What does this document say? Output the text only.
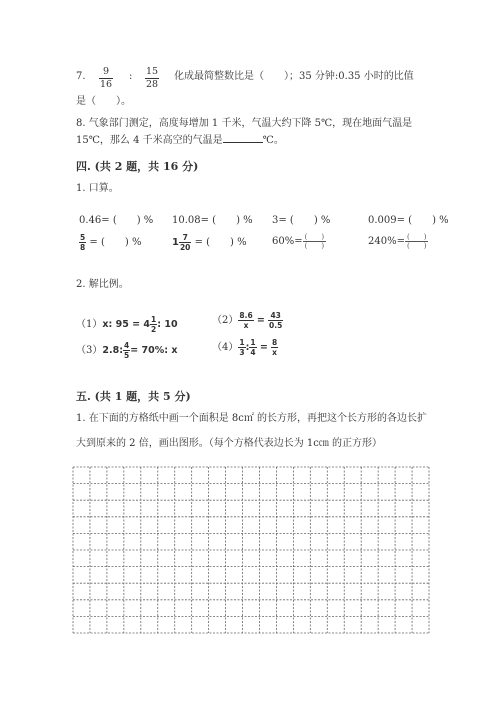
7. $\frac{9}{16}$ : $\frac{15}{28}$ 化成最简整数比是（　　）；35 分钟:0.35 小时的比值
是（　　）。
8. 气象部门测定，高度每增加 1 千米，气温大约下降 5℃，现在地面气温是
15℃，那么 4 千米高空的气温是	℃。
四. (共 2 题，共 16 分)
1. 口算。
0.46= (　　) % 10.08= (　　) % 3= (　　) %	0.009= (　　) %
$\frac{5}{8}$ = (　　) %	$1 \frac{7}{20}$ = (　　) %	$60\%= \frac{( )}{( )}$	$240\%= \frac{( )}{( )}$
2. 解比例。
（1）x: $95 = 4 \frac{1}{2}$ : 10	$(2) \frac{8.6}{x} = \frac{43}{0.5}$
（3）2.8: $\frac{4}{5} = 70\%$: x	$(4) \frac{1}{3}$ : $\frac{1}{4} = \frac{8}{x}$
五. (共 1 题，共 5 分)
1. 在下面的方格纸中画一个面积是 8c㎡ 的长方形，再把这个长方形的各边长扩
大到原来的 2 倍，画出图形。（每个方格代表边长为 1c㎝ 的正方形）
